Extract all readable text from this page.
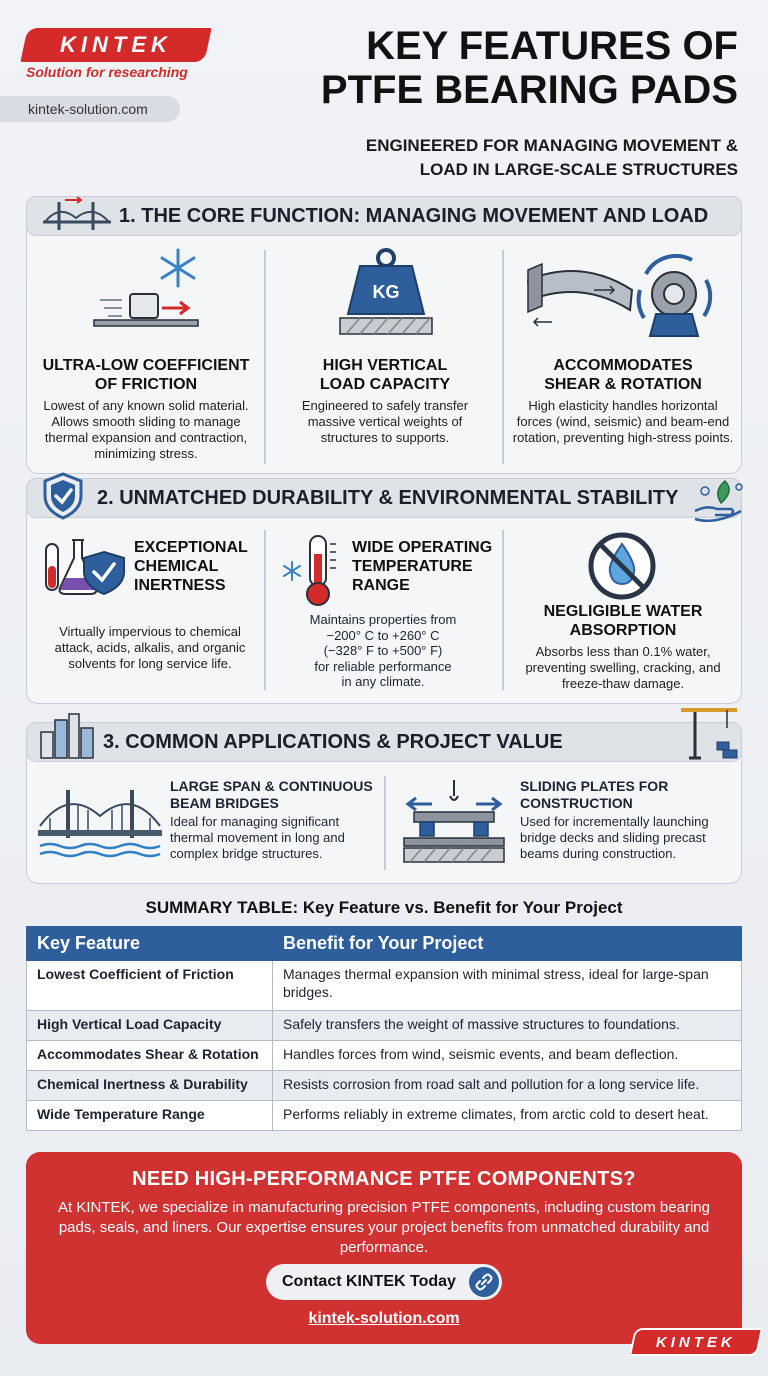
KINTEK
Solution for researching
kintek-solution.com
KEY FEATURES OF
PTFE BEARING PADS
ENGINEERED FOR MANAGING MOVEMENT &
LOAD IN LARGE-SCALE STRUCTURES
1. THE CORE FUNCTION: MANAGING MOVEMENT AND LOAD
KG
ULTRA-LOW COEFFICIENT
OF FRICTION
Lowest of any known solid material. Allows smooth sliding to manage thermal expansion and contraction, minimizing stress.
HIGH VERTICAL
LOAD CAPACITY
Engineered to safely transfer massive vertical weights of structures to supports.
ACCOMMODATES
SHEAR & ROTATION
High elasticity handles horizontal forces (wind, seismic) and beam-end rotation, preventing high-stress points.
2. UNMATCHED DURABILITY & ENVIRONMENTAL STABILITY
EXCEPTIONAL
CHEMICAL
INERTNESS
Virtually impervious to chemical attack, acids, alkalis, and organic solvents for long service life.
WIDE OPERATING
TEMPERATURE
RANGE
Maintains properties from
−200° C to +260° C
(−328° F to +500° F)
for reliable performance
in any climate.
NEGLIGIBLE WATER
ABSORPTION
Absorbs less than 0.1% water, preventing swelling, cracking, and freeze-thaw damage.
3. COMMON APPLICATIONS & PROJECT VALUE
LARGE SPAN & CONTINUOUS
BEAM BRIDGES
Ideal for managing significant thermal movement in long and complex bridge structures.
SLIDING PLATES FOR
CONSTRUCTION
Used for incrementally launching bridge decks and sliding precast beams during construction.
SUMMARY TABLE: Key Feature vs. Benefit for Your Project
Key Feature	Benefit for Your Project
Lowest Coefficient of Friction	Manages thermal expansion with minimal stress, ideal for large-span bridges.
High Vertical Load Capacity	Safely transfers the weight of massive structures to foundations.
Accommodates Shear & Rotation	Handles forces from wind, seismic events, and beam deflection.
Chemical Inertness & Durability	Resists corrosion from road salt and pollution for a long service life.
Wide Temperature Range	Performs reliably in extreme climates, from arctic cold to desert heat.
NEED HIGH-PERFORMANCE PTFE COMPONENTS?
At KINTEK, we specialize in manufacturing precision PTFE components, including custom bearing pads, seals, and liners. Our expertise ensures your project benefits from unmatched durability and performance.
Contact KINTEK Today
kintek-solution.com
KINTEK
